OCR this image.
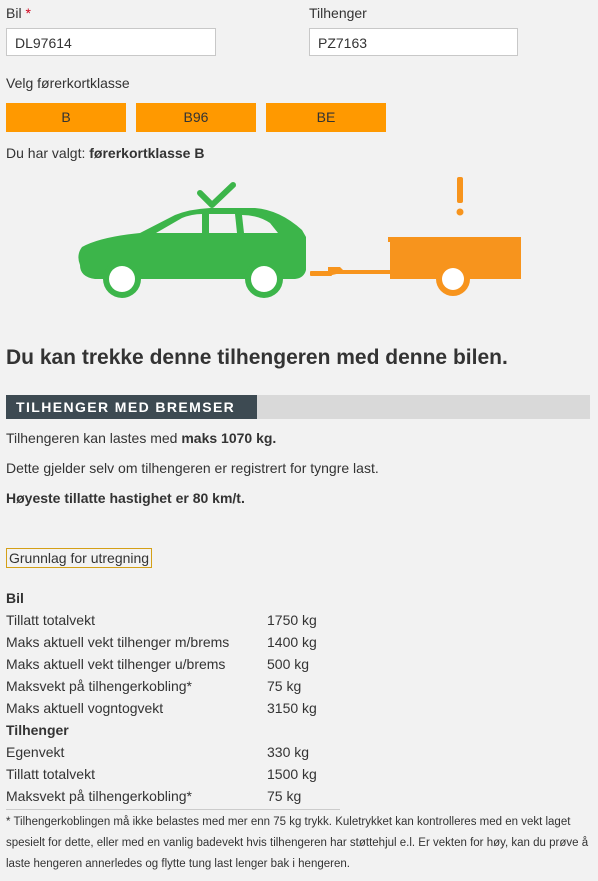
Bil *
DL97614
Tilhenger
PZ7163
Velg førerkortklasse
B	B96	BE
Du har valgt: førerkortklasse B
Du kan trekke denne tilhengeren med denne bilen.
TILHENGER MED BREMSER
Tilhengeren kan lastes med maks 1070 kg.
Dette gjelder selv om tilhengeren er registrert for tyngre last.
Høyeste tillatte hastighet er 80 km/t.
Grunnlag for utregning
Bil
Tillatt totalvekt	1750 kg
Maks aktuell vekt tilhenger m/brems	1400 kg
Maks aktuell vekt tilhenger u/brems	500 kg
Maksvekt på tilhengerkobling*	75 kg
Maks aktuell vogntogvekt	3150 kg
Tilhenger
Egenvekt	330 kg
Tillatt totalvekt	1500 kg
Maksvekt på tilhengerkobling*	75 kg
* Tilhengerkoblingen må ikke belastes med mer enn 75 kg trykk. Kuletrykket kan kontrolleres med en vekt laget spesielt for dette, eller med en vanlig badevekt hvis tilhengeren har støttehjul e.l. Er vekten for høy, kan du prøve å laste hengeren annerledes og flytte tung last lenger bak i hengeren.
